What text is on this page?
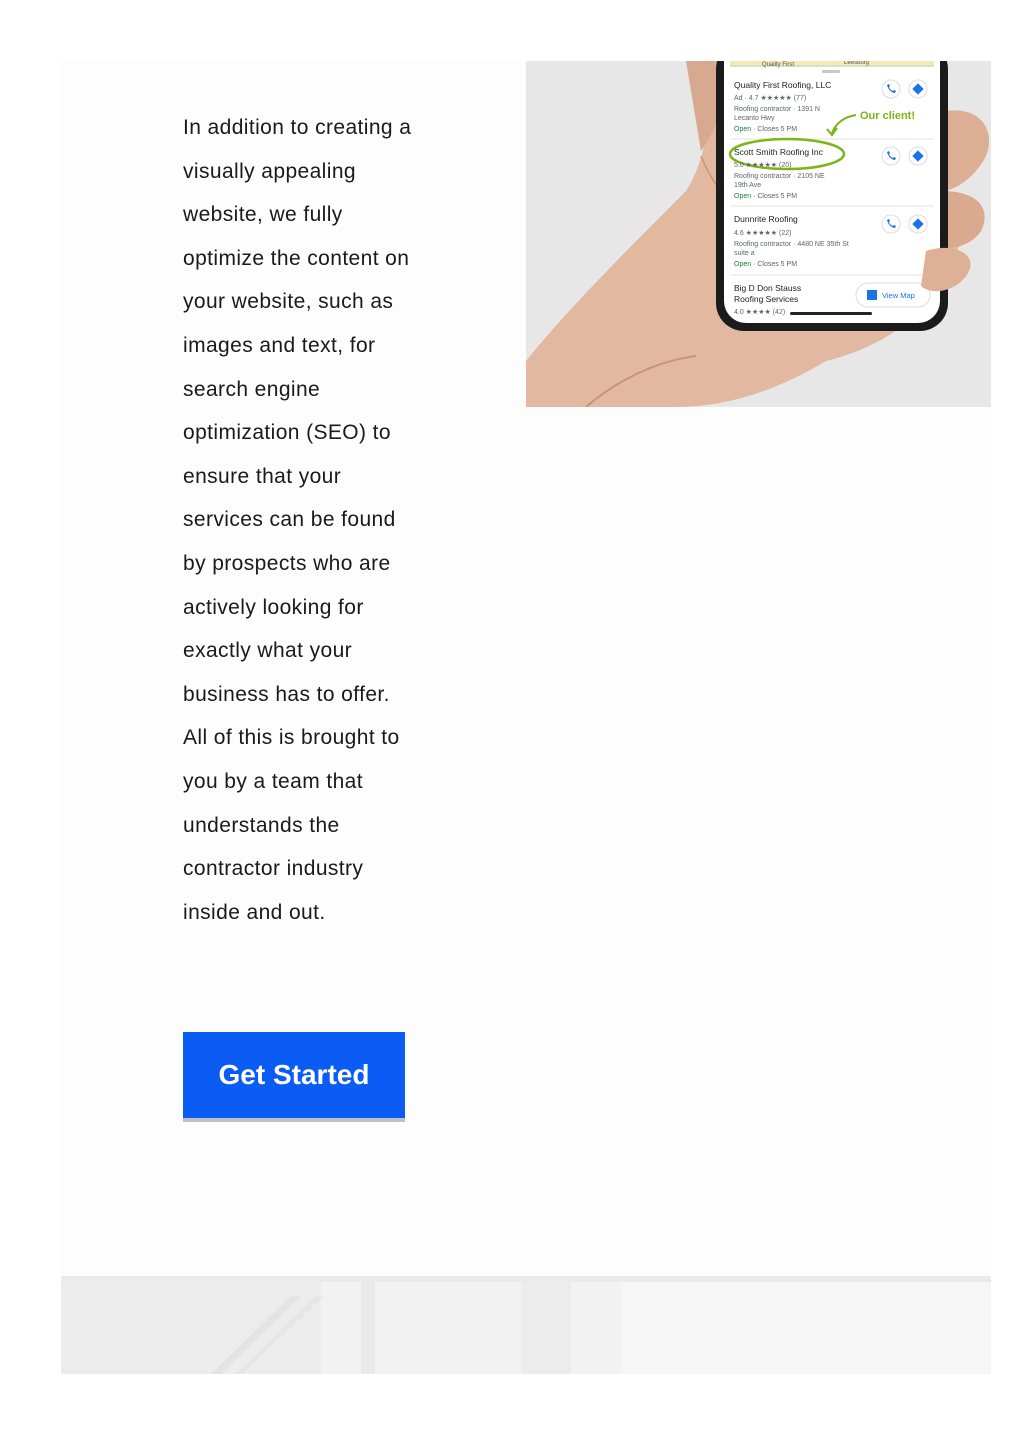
In addition to creating a visually appealing website, we fully optimize the content on your website, such as images and text, for search engine optimization (SEO) to ensure that your services can be found by prospects who are actively looking for exactly what your business has to offer. All of this is brought to you by a team that understands the contractor industry inside and out.

Get Started
Quality First	Leesburg
Quality First Roofing, LLC
Ad · 4.7 ★★★★★ (77)
Roofing contractor · 1391 N
Lecanto Hwy
Open · Closes 5 PM
Scott Smith Roofing Inc
5.0 ★★★★★ (20)
Roofing contractor · 2105 NE
19th Ave
Open · Closes 5 PM
Our client!
Dunnrite Roofing
4.6 ★★★★★ (22)
Roofing contractor · 4480 NE 35th St
suite a
Open · Closes 5 PM
Big D Don Stauss
Roofing Services
4.0 ★★★★ (42)
View Map
